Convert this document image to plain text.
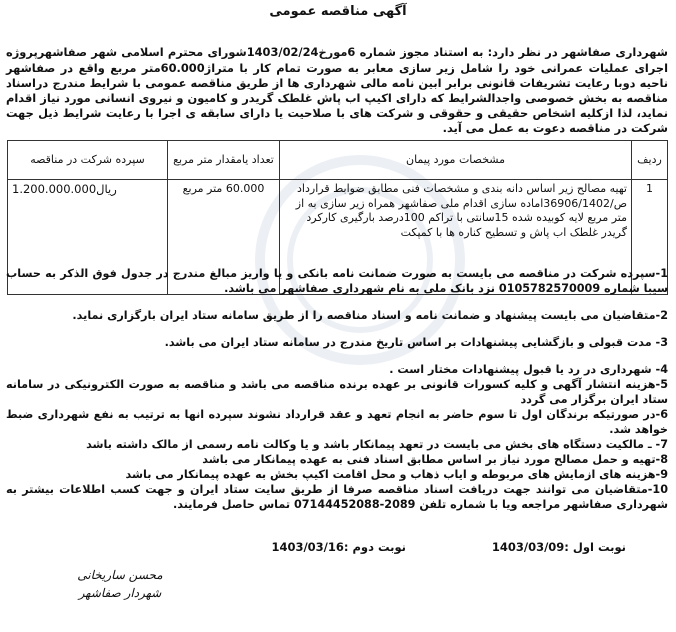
آگهی مناقصه عمومی

شهرداری صفاشهر در نظر دارد: به استناد مجوز شماره 6مورخ1403/02/24شورای محترم اسلامی شهر صفاشهرپروژه اجرای عملیات عمرانی خود را شامل زیر سازی معابر به صورت تمام کار با متراژ60.000متر مربع واقع در صفاشهر ناحیه دوبا رعایت تشریفات قانونی برابر ابین نامه مالی شهرداری ها از طریق مناقصه عمومی با شرایط مندرج دراسناد مناقصه به بخش خصوصی واجدالشرایط که دارای اکیپ اب پاش غلطک گریدر و کامیون و نیروی انسانی مورد نیاز اقدام نماید، لذا ازکلیه اشخاص حقیقی و حقوقی و شرکت های با صلاحیت یا دارای سابقه ی اجرا با رعایت شرایط ذیل جهت شرکت در مناقصه دعوت به عمل می آید.

ردیف	مشخصات مورد پیمان	تعداد یامقدار متر مربع	سپرده شرکت در مناقصه
1	تهیه مصالح زیر اساس دانه بندی و مشخصات فنی مطابق ضوابط قرارداد ص/36906/1402اماده سازی اقدام ملی صفاشهر همراه زیر سازی به از متر مربع لایه کوبیده شده 15سانتی با تراکم 100درصد بارگیری کارکرد گریدر غلطک اب پاش و تسطیح کناره ها با کمپکت	60.000 متر مربع	1.200.000.000ریال

1-سپرده شرکت در مناقصه می بایست به صورت ضمانت نامه بانکی و یا واریز مبالغ مندرج در جدول فوق الذکر به حساب سیبا شماره 0105782570009 نزد بانک ملی به نام شهرداری صفاشهر می باشد.

2-متقاضیان می بایست پیشنهاد و ضمانت نامه و اسناد مناقصه را از طریق سامانه ستاد ایران بارگزاری نماید.

3- مدت قبولی و بازگشایی پیشنهادات بر اساس تاریخ مندرج در سامانه ستاد ایران می باشد.

4- شهرداری در رد یا قبول پیشنهادات مختار است .

5-هزینه انتشار آگهی و کلیه کسورات قانونی بر عهده برنده مناقصه می باشد و مناقصه به صورت الکترونیکی در سامانه ستاد ایران برگزار می گردد

6-در صورتیکه برندگان اول تا سوم حاضر به انجام تعهد و عقد قرارداد نشوند سپرده انها به ترتیب به نفع شهرداری ضبط خواهد شد.

7- ـ مالکیت دستگاه های بخش می بایست در تعهد پیمانکار باشد و یا وکالت نامه رسمی از مالک داشته باشد

8-تهیه و حمل مصالح مورد نیاز بر اساس مطابق اسناد فنی به عهده پیمانکار می باشد

9-هزینه های ازمایش های مربوطه و ایاب ذهاب و محل اقامت اکیپ بخش به عهده پیمانکار می باشد

10-متقاضیان می توانند جهت دریافت اسناد مناقصه صرفا از طریق سایت ستاد ایران و جهت کسب اطلاعات بیشتر به شهرداری صفاشهر مراجعه ویا با شماره تلفن 2089-07144452088 تماس حاصل فرمایند.

نوبت اول :1403/03/09
نوبت دوم :1403/03/16
محسن ساریخانی
شهردار صفاشهر
